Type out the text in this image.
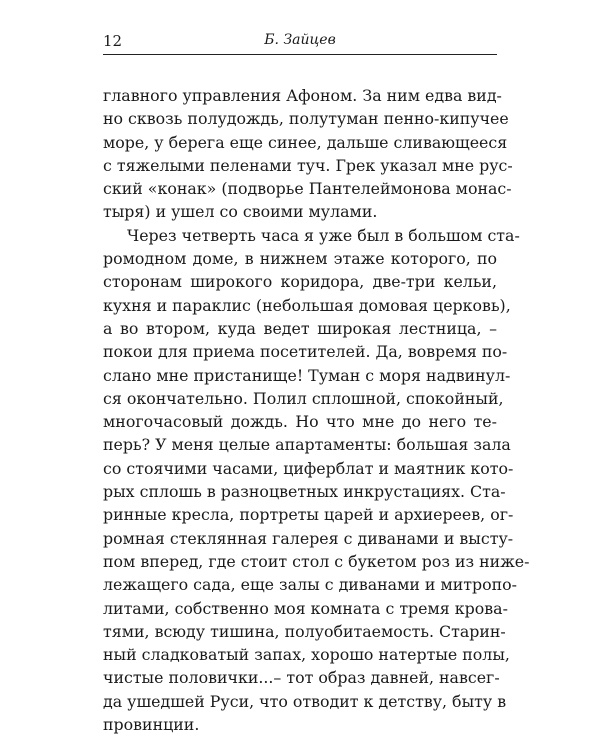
12	Б. Зайцев
главного управления Афоном. За ним едва вид-
но сквозь полудождь, полутуман пенно-кипучее
море, у берега еще синее, дальше сливающееся
с тяжелыми пеленами туч. Грек указал мне рус-
ский «конак» (подворье Пантелеймонова монас-
тыря) и ушел со своими мулами.
Через четверть часа я уже был в большом ста-
ромодном доме, в нижнем этаже которого, по
сторонам широкого коридора, две-три кельи,
кухня и параклис (небольшая домовая церковь),
а во втором, куда ведет широкая лестница, –
покои для приема посетителей. Да, вовремя по-
слано мне пристанище! Туман с моря надвинул-
ся окончательно. Полил сплошной, спокойный,
многочасовый дождь. Но что мне до него те-
перь? У меня целые апартаменты: большая зала
со стоячими часами, циферблат и маятник кото-
рых сплошь в разноцветных инкрустациях. Ста-
ринные кресла, портреты царей и архиереев, ог-
ромная стеклянная галерея с диванами и высту-
пом вперед, где стоит стол с букетом роз из ниже-
лежащего сада, еще залы с диванами и митропо-
литами, собственно моя комната с тремя крова-
тями, всюду тишина, полуобитаемость. Старин-
ный сладковатый запах, хорошо натертые полы,
чистые половички...– тот образ давней, навсег-
да ушедшей Руси, что отводит к детству, быту в
провинции.
